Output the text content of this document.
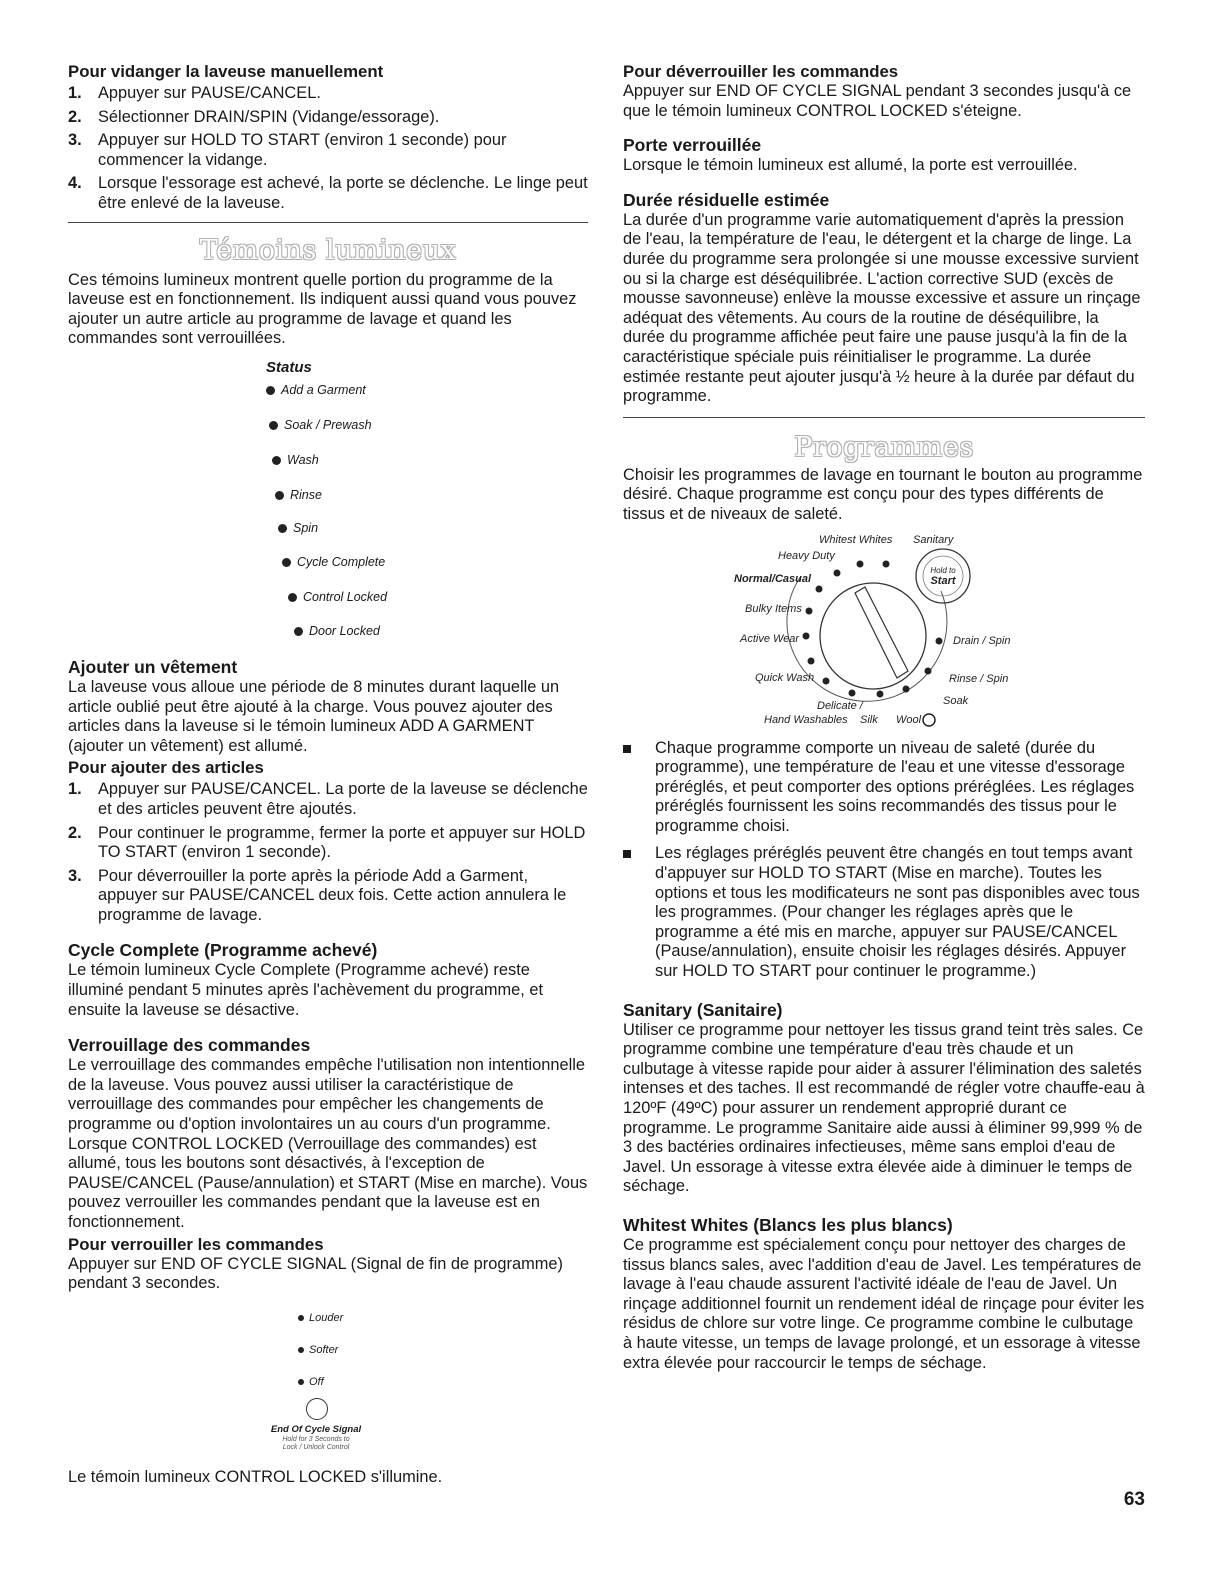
Pour vidanger la laveuse manuellement
1. Appuyer sur PAUSE/CANCEL.
2. Sélectionner DRAIN/SPIN (Vidange/essorage).
3. Appuyer sur HOLD TO START (environ 1 seconde) pour commencer la vidange.
4. Lorsque l'essorage est achevé, la porte se déclenche. Le linge peut être enlevé de la laveuse.
Témoins lumineux

Ces témoins lumineux montrent quelle portion du programme de la laveuse est en fonctionnement. Ils indiquent aussi quand vous pouvez ajouter un autre article au programme de lavage et quand les commandes sont verrouillées.

Status
Add a Garment
Soak / Prewash
Wash
Rinse
Spin
Cycle Complete
Control Locked
Door Locked
Ajouter un vêtement

La laveuse vous alloue une période de 8 minutes durant laquelle un article oublié peut être ajouté à la charge. Vous pouvez ajouter des articles dans la laveuse si le témoin lumineux ADD A GARMENT (ajouter un vêtement) est allumé.

Pour ajouter des articles
1. Appuyer sur PAUSE/CANCEL. La porte de la laveuse se déclenche et des articles peuvent être ajoutés.
2. Pour continuer le programme, fermer la porte et appuyer sur HOLD TO START (environ 1 seconde).
3. Pour déverrouiller la porte après la période Add a Garment, appuyer sur PAUSE/CANCEL deux fois. Cette action annulera le programme de lavage.
Cycle Complete (Programme achevé)

Le témoin lumineux Cycle Complete (Programme achevé) reste illuminé pendant 5 minutes après l'achèvement du programme, et ensuite la laveuse se désactive.

Verrouillage des commandes

Le verrouillage des commandes empêche l'utilisation non intentionnelle de la laveuse. Vous pouvez aussi utiliser la caractéristique de verrouillage des commandes pour empêcher les changements de programme ou d'option involontaires un au cours d'un programme. Lorsque CONTROL LOCKED (Verrouillage des commandes) est allumé, tous les boutons sont désactivés, à l'exception de PAUSE/CANCEL (Pause/annulation) et START (Mise en marche). Vous pouvez verrouiller les commandes pendant que la laveuse est en fonctionnement.

Pour verrouiller les commandes

Appuyer sur END OF CYCLE SIGNAL (Signal de fin de programme) pendant 3 secondes.

Louder
Softer
Off
End Of Cycle Signal
Hold for 3 Seconds to
Lock / Unlock Control

Le témoin lumineux CONTROL LOCKED s'illumine.

Pour déverrouiller les commandes

Appuyer sur END OF CYCLE SIGNAL pendant 3 secondes jusqu'à ce que le témoin lumineux CONTROL LOCKED s'éteigne.

Porte verrouillée

Lorsque le témoin lumineux est allumé, la porte est verrouillée.

Durée résiduelle estimée

La durée d'un programme varie automatiquement d'après la pression de l'eau, la température de l'eau, le détergent et la charge de linge. La durée du programme sera prolongée si une mousse excessive survient ou si la charge est déséquilibrée. L'action corrective SUD (excès de mousse savonneuse) enlève la mousse excessive et assure un rinçage adéquat des vêtements. Au cours de la routine de déséquilibre, la durée du programme affichée peut faire une pause jusqu'à la fin de la caractéristique spéciale puis réinitialiser le programme. La durée estimée restante peut ajouter jusqu'à ½ heure à la durée par défaut du programme.

Programmes

Choisir les programmes de lavage en tournant le bouton au programme désiré. Chaque programme est conçu pour des types différents de tissus et de niveaux de saleté.

Hold to
Start
Whitest Whites Sanitary
Heavy Duty
Normal/Casual
Bulky Items
Active Wear
Quick Wash
Delicate /
Hand Washables Silk Wool
Soak
Rinse / Spin
Drain / Spin
Chaque programme comporte un niveau de saleté (durée du programme), une température de l'eau et une vitesse d'essorage préréglés, et peut comporter des options préréglées. Les réglages préréglés fournissent les soins recommandés des tissus pour le programme choisi.
Les réglages préréglés peuvent être changés en tout temps avant d'appuyer sur HOLD TO START (Mise en marche). Toutes les options et tous les modificateurs ne sont pas disponibles avec tous les programmes. (Pour changer les réglages après que le programme a été mis en marche, appuyer sur PAUSE/CANCEL (Pause/annulation), ensuite choisir les réglages désirés. Appuyer sur HOLD TO START pour continuer le programme.)
Sanitary (Sanitaire)

Utiliser ce programme pour nettoyer les tissus grand teint très sales. Ce programme combine une température d'eau très chaude et un culbutage à vitesse rapide pour aider à assurer l'élimination des saletés intenses et des taches. Il est recommandé de régler votre chauffe-eau à 120ºF (49ºC) pour assurer un rendement approprié durant ce programme. Le programme Sanitaire aide aussi à éliminer 99,999 % de 3 des bactéries ordinaires infectieuses, même sans emploi d'eau de Javel. Un essorage à vitesse extra élevée aide à diminuer le temps de séchage.

Whitest Whites (Blancs les plus blancs)

Ce programme est spécialement conçu pour nettoyer des charges de tissus blancs sales, avec l'addition d'eau de Javel. Les températures de lavage à l'eau chaude assurent l'activité idéale de l'eau de Javel. Un rinçage additionnel fournit un rendement idéal de rinçage pour éviter les résidus de chlore sur votre linge. Ce programme combine le culbutage à haute vitesse, un temps de lavage prolongé, et un essorage à vitesse extra élevée pour raccourcir le temps de séchage.

63
